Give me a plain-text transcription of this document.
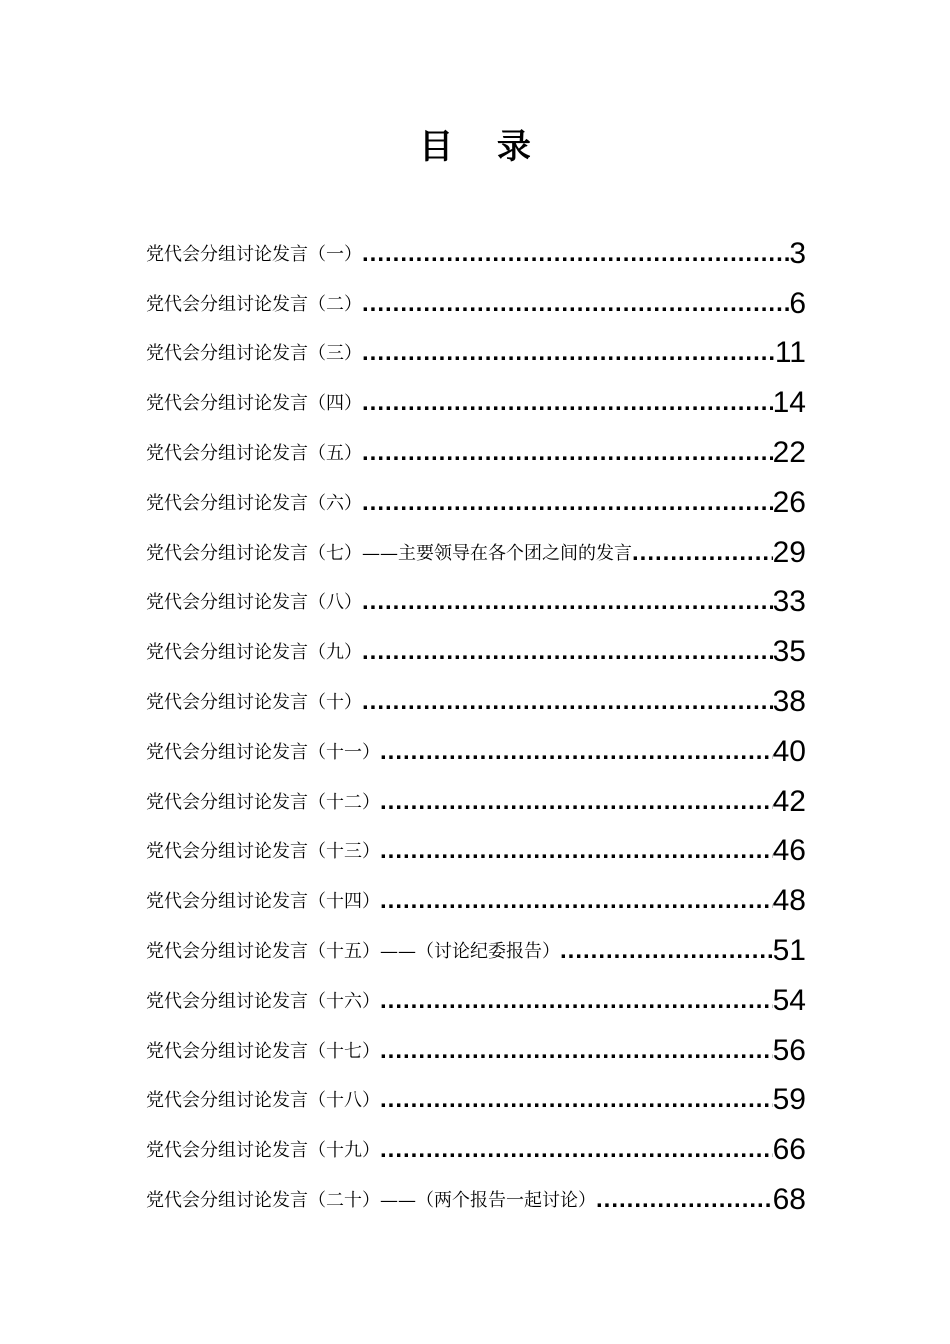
目 录
党代会分组讨论发言（一） .....	3
党代会分组讨论发言（二） .....	6
党代会分组讨论发言（三） .....	11
党代会分组讨论发言（四） .....	14
党代会分组讨论发言（五） .....	22
党代会分组讨论发言（六） .....	26
党代会分组讨论发言（七）——主要领导在各个团之间的发言 .....	29
党代会分组讨论发言（八） .....	33
党代会分组讨论发言（九） .....	35
党代会分组讨论发言（十） .....	38
党代会分组讨论发言（十一） .....	40
党代会分组讨论发言（十二） .....	42
党代会分组讨论发言（十三） .....	46
党代会分组讨论发言（十四） .....	48
党代会分组讨论发言（十五）——（讨论纪委报告） .....	51
党代会分组讨论发言（十六） .....	54
党代会分组讨论发言（十七） .....	56
党代会分组讨论发言（十八） .....	59
党代会分组讨论发言（十九） .....	66
党代会分组讨论发言（二十）——（两个报告一起讨论） .....	68
